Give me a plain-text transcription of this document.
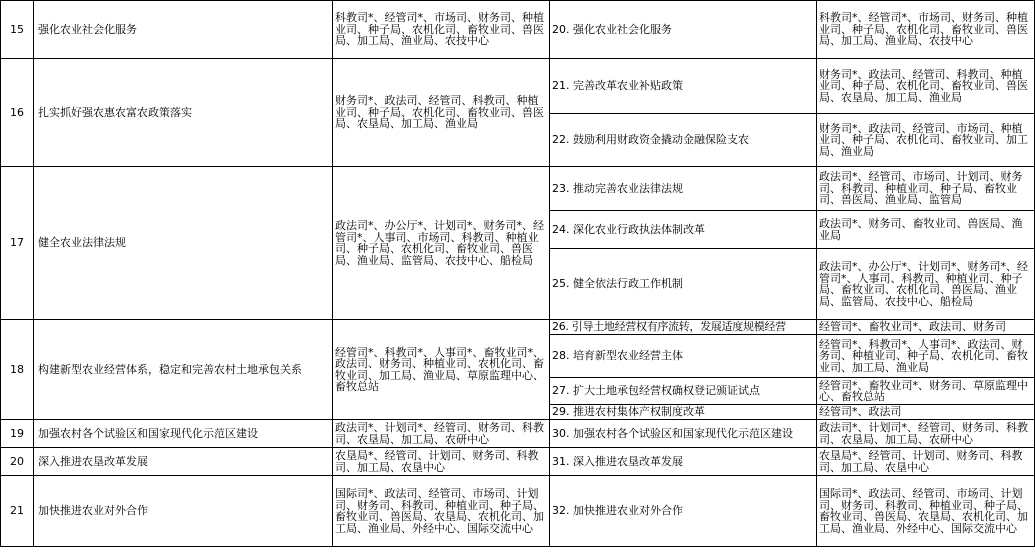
15	强化农业社会化服务	科教司*、经管司*、市场司、财务司、种植业司、种子局、农机化司、畜牧业司、兽医局、加工局、渔业局、农技中心	20. 强化农业社会化服务	科教司*、经管司*、市场司、财务司、种植业司、种子局、农机化司、畜牧业司、兽医局、加工局、渔业局、农技中心
16	扎实抓好强农惠农富农政策落实	财务司*、政法司、经管司、科教司、种植业司、种子局、农机化司、畜牧业司、兽医局、农垦局、加工局、渔业局	21. 完善改革农业补贴政策	财务司*、政法司、经管司、科教司、种植业司、种子局、农机化司、畜牧业司、兽医局、农垦局、加工局、渔业局
			22. 鼓励利用财政资金撬动金融保险支农	财务司*、政法司、经管司、市场司、种植业司、种子局、农机化司、畜牧业司、加工局、渔业局
17	健全农业法律法规	政法司*、办公厅*、计划司*、财务司*、经管司*、人事司、市场司、科教司、种植业司、种子局、农机化司、畜牧业司、兽医局、渔业局、监管局、农技中心、船检局	23. 推动完善农业法律法规	政法司*、经管司、市场司、计划司、财务司、科教司、种植业司、种子局、畜牧业司、兽医局、渔业局、监管局
			24. 深化农业行政执法体制改革	政法司*、财务司、畜牧业司、兽医局、渔业局
			25. 健全依法行政工作机制	政法司*、办公厅*、计划司*、财务司*、经管司*、人事司、科教司、种植业司、种子局、畜牧业司、农机化司、兽医局、渔业局、监管局、农技中心、船检局
18	构建新型农业经营体系，稳定和完善农村土地承包关系	经管司*、科教司*、人事司*、畜牧业司*、政法司、财务司、种植业司、农机化司、畜牧业司、加工局、渔业局、草原监理中心、畜牧总站	26. 引导土地经营权有序流转，发展适度规模经营	经管司*、畜牧业司*、政法司、财务司
			28. 培育新型农业经营主体	经管司*、科教司*、人事司*、政法司、财务司、种植业司、种子局、农机化司、畜牧业司、加工局、渔业局
			27. 扩大土地承包经营权确权登记颁证试点	经管司*、畜牧业司*、财务司、草原监理中心、畜牧总站
			29. 推进农村集体产权制度改革	经管司*、政法司
19	加强农村各个试验区和国家现代化示范区建设	政法司*、计划司*、经管司、财务司、科教司、农垦局、加工局、农研中心	30. 加强农村各个试验区和国家现代化示范区建设	政法司*、计划司*、经管司、财务司、科教司、农垦局、加工局、农研中心
20	深入推进农垦改革发展	农垦局*、经管司、计划司、财务司、科教司、加工局、农垦中心	31. 深入推进农垦改革发展	农垦局*、经管司、计划司、财务司、科教司、加工局、农垦中心
21	加快推进农业对外合作	国际司*、政法司、经管司、市场司、计划司、财务司、科教司、种植业司、种子局、畜牧业司、兽医局、农垦局、农机化司、加工局、渔业局、外经中心、国际交流中心	32. 加快推进农业对外合作	国际司*、政法司、经管司、市场司、计划司、财务司、科教司、种植业司、种子局、畜牧业司、兽医局、农垦局、农机化司、加工局、渔业局、外经中心、国际交流中心
